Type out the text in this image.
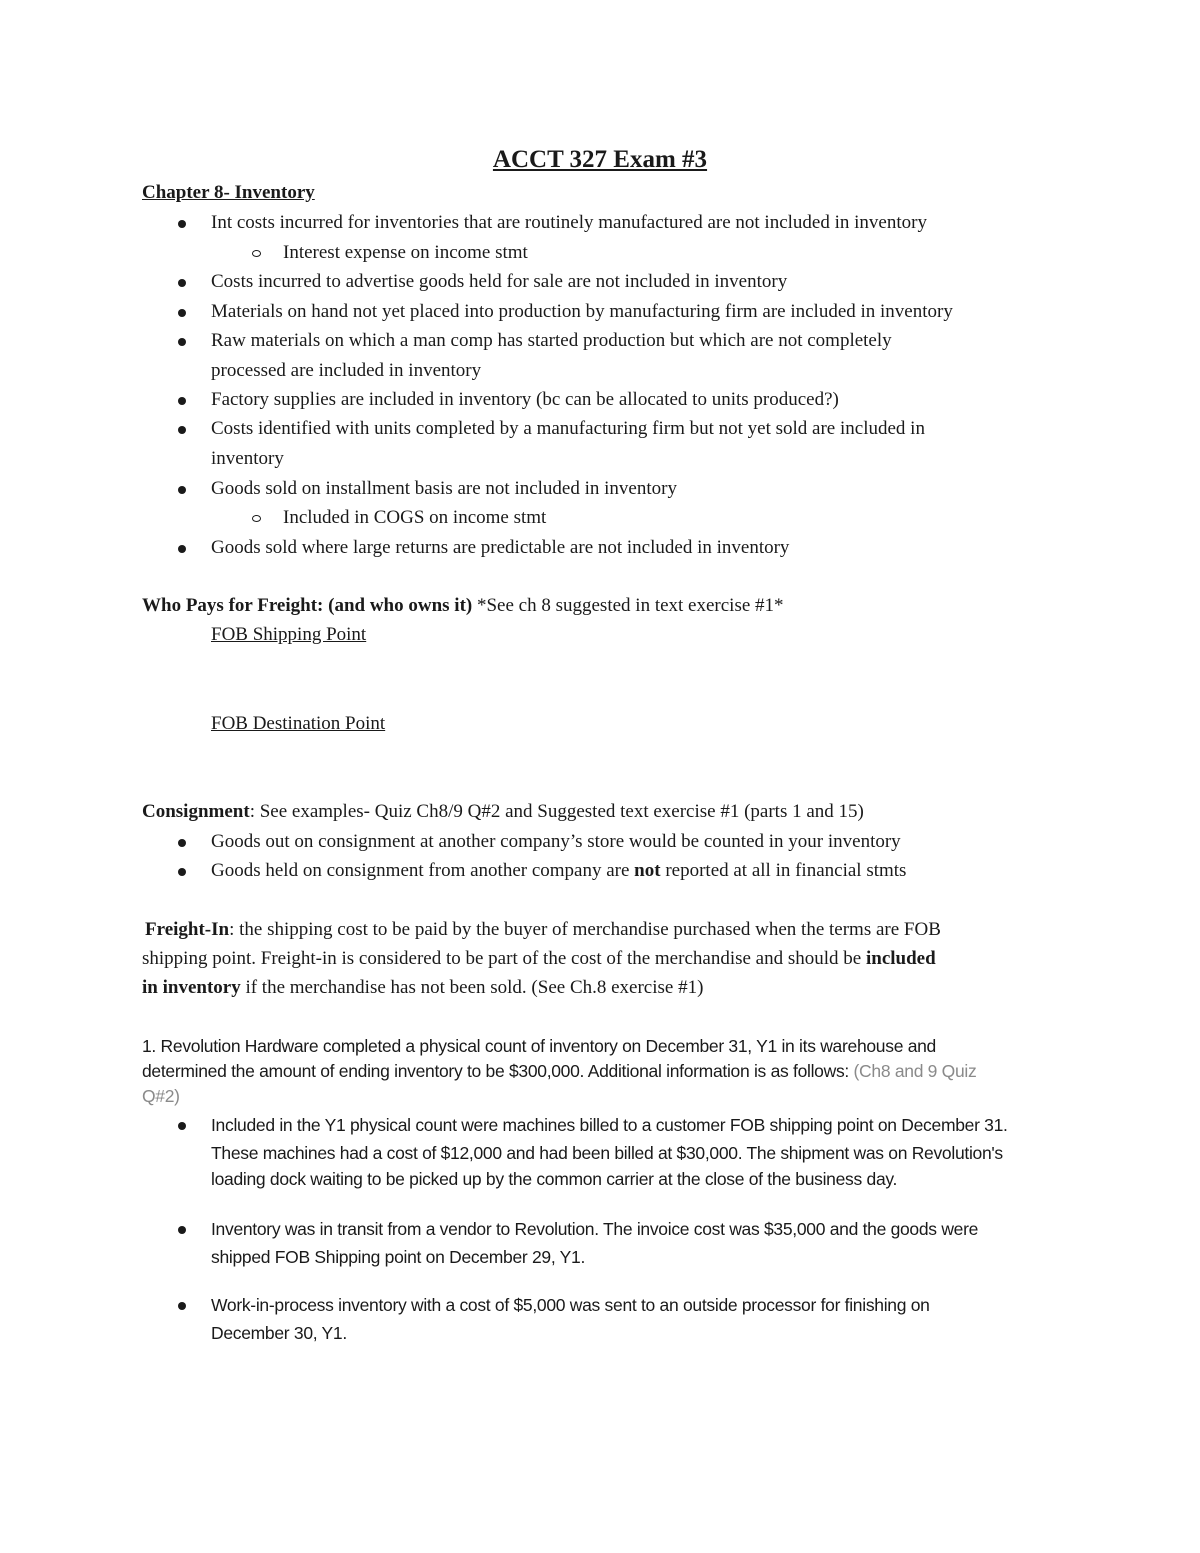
ACCT 327 Exam #3
Chapter 8- Inventory
Int costs incurred for inventories that are routinely manufactured are not included in inventory
Interest expense on income stmt
Costs incurred to advertise goods held for sale are not included in inventory
Materials on hand not yet placed into production by manufacturing firm are included in inventory
Raw materials on which a man comp has started production but which are not completely
processed are included in inventory
Factory supplies are included in inventory (bc can be allocated to units produced?)
Costs identified with units completed by a manufacturing firm but not yet sold are included in
inventory
Goods sold on installment basis are not included in inventory
Included in COGS on income stmt
Goods sold where large returns are predictable are not included in inventory
Who Pays for Freight: (and who owns it) *See ch 8 suggested in text exercise #1*
FOB Shipping Point
FOB Destination Point
Consignment: See examples- Quiz Ch8/9 Q#2 and Suggested text exercise #1 (parts 1 and 15)
Goods out on consignment at another company’s store would be counted in your inventory
Goods held on consignment from another company are not reported at all in financial stmts
Freight-In: the shipping cost to be paid by the buyer of merchandise purchased when the terms are FOB
shipping point. Freight-in is considered to be part of the cost of the merchandise and should be included
in inventory if the merchandise has not been sold. (See Ch.8 exercise #1)
1. Revolution Hardware completed a physical count of inventory on December 31, Y1 in its warehouse and
determined the amount of ending inventory to be $300,000. Additional information is as follows: (Ch8 and 9 Quiz
Q#2)
Included in the Y1 physical count were machines billed to a customer FOB shipping point on December 31.
These machines had a cost of $12,000 and had been billed at $30,000. The shipment was on Revolution's
loading dock waiting to be picked up by the common carrier at the close of the business day.
Inventory was in transit from a vendor to Revolution. The invoice cost was $35,000 and the goods were
shipped FOB Shipping point on December 29, Y1.
Work-in-process inventory with a cost of $5,000 was sent to an outside processor for finishing on
December 30, Y1.
